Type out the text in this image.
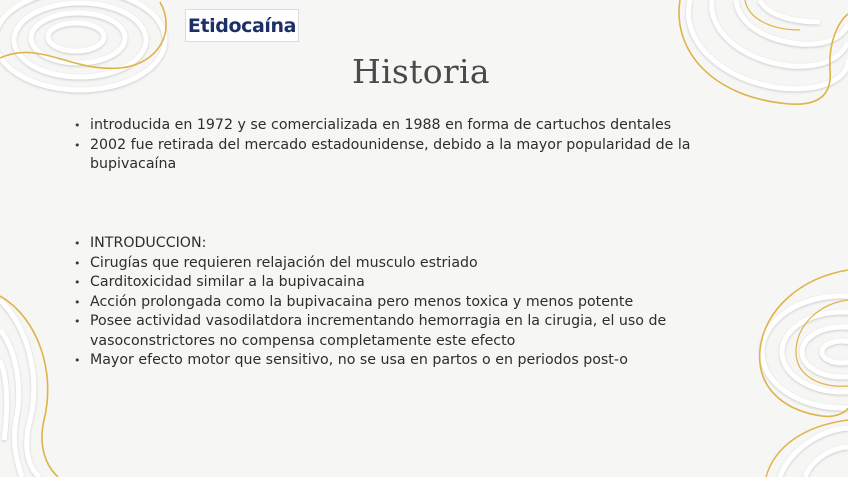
Etidocaína
Historia
• introducida en 1972 y se comercializada en 1988 en forma de cartuchos dentales
• 2002 fue retirada del mercado estadounidense, debido a la mayor popularidad de la bupivacaína
• INTRODUCCION:
• Cirugías que requieren relajación del musculo estriado
• Carditoxicidad similar a la bupivacaina
• Acción prolongada como la bupivacaina pero menos toxica y menos potente
• Posee actividad vasodilatdora incrementando hemorragia en la cirugia, el uso de vasoconstrictores no compensa completamente este efecto
• Mayor efecto motor que sensitivo, no se usa en partos o en periodos post-o
